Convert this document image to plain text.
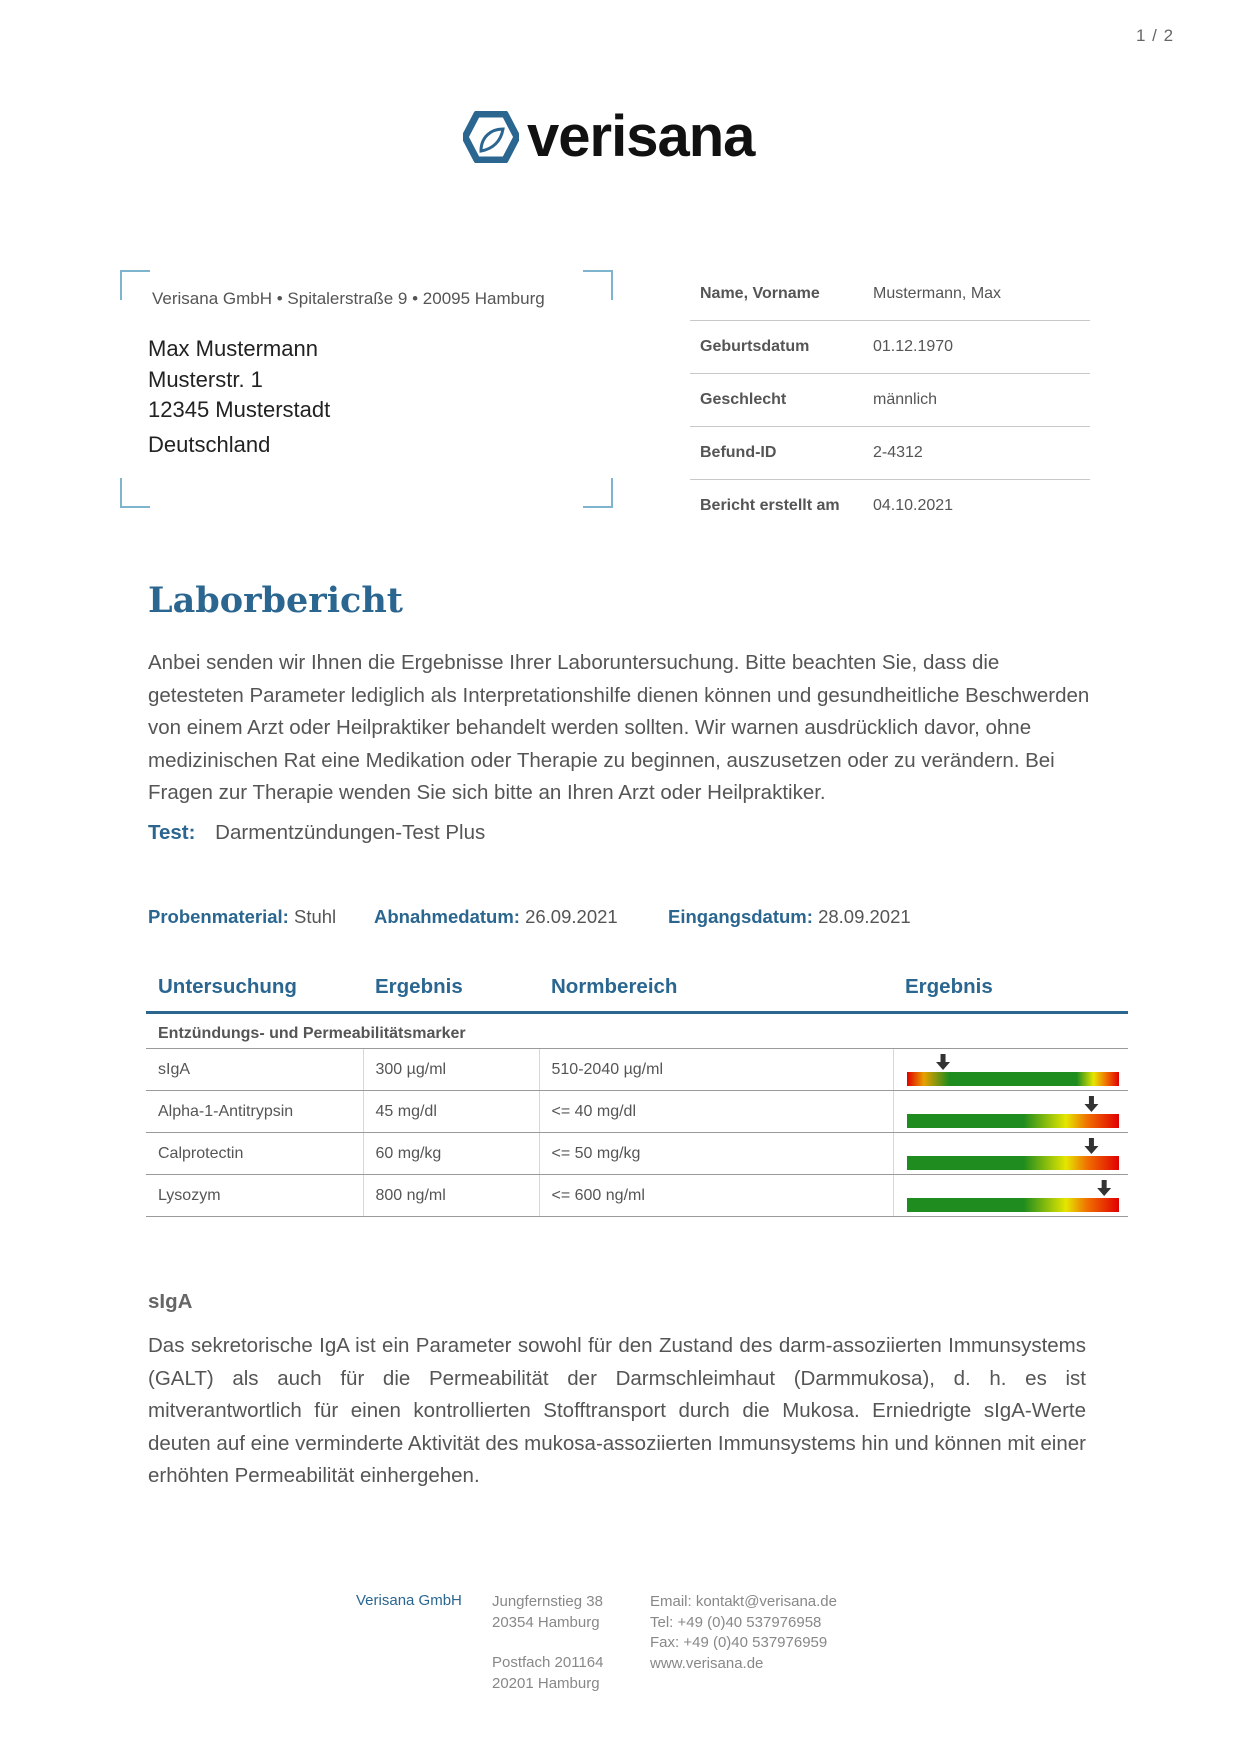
1 / 2
verisana
Verisana GmbH • Spitalerstraße 9 • 20095 Hamburg
Max Mustermann
Musterstr. 1
12345 Musterstadt
Deutschland
Name, Vorname	Mustermann, Max
Geburtsdatum	01.12.1970
Geschlecht	männlich
Befund-ID	2-4312
Bericht erstellt am	04.10.2021
Laborbericht

Anbei senden wir Ihnen die Ergebnisse Ihrer Laboruntersuchung. Bitte beachten Sie, dass die getesteten Parameter lediglich als Interpretationshilfe dienen können und gesundheitliche Beschwerden von einem Arzt oder Heilpraktiker behandelt werden sollten. Wir warnen ausdrücklich davor, ohne medizinischen Rat eine Medikation oder Therapie zu beginnen, auszusetzen oder zu verändern. Bei Fragen zur Therapie wenden Sie sich bitte an Ihren Arzt oder Heilpraktiker.

Test: Darmentzündungen-Test Plus
Probenmaterial: Stuhl Abnahmedatum: 26.09.2021	Eingangsdatum: 28.09.2021
Untersuchung	Ergebnis	Normbereich	Ergebnis
Entzündungs- und Permeabilitätsmarker			
sIgA	300 µg/ml	510-2040 µg/ml	

Alpha-1-Antitrypsin	45 mg/dl	<= 40 mg/dl	

Calprotectin	60 mg/kg	<= 50 mg/kg	

Lysozym	800 ng/ml	<= 600 ng/ml	
sIgA

Das sekretorische IgA ist ein Parameter sowohl für den Zustand des darm-assoziierten Immunsystems (GALT) als auch für die Permeabilität der Darmschleimhaut (Darmmukosa), d. h. es ist mitverantwortlich für einen kontrollierten Stofftransport durch die Mukosa. Erniedrigte sIgA-Werte deuten auf eine verminderte Aktivität des mukosa-assoziierten Immunsystems hin und können mit einer erhöhten Permeabilität einhergehen.

Verisana GmbH Jungfernstieg 38
20354 Hamburg
Postfach 201164
20201 Hamburg
Email: kontakt@verisana.de
Tel: +49 (0)40 537976958
Fax: +49 (0)40 537976959
www.verisana.de
